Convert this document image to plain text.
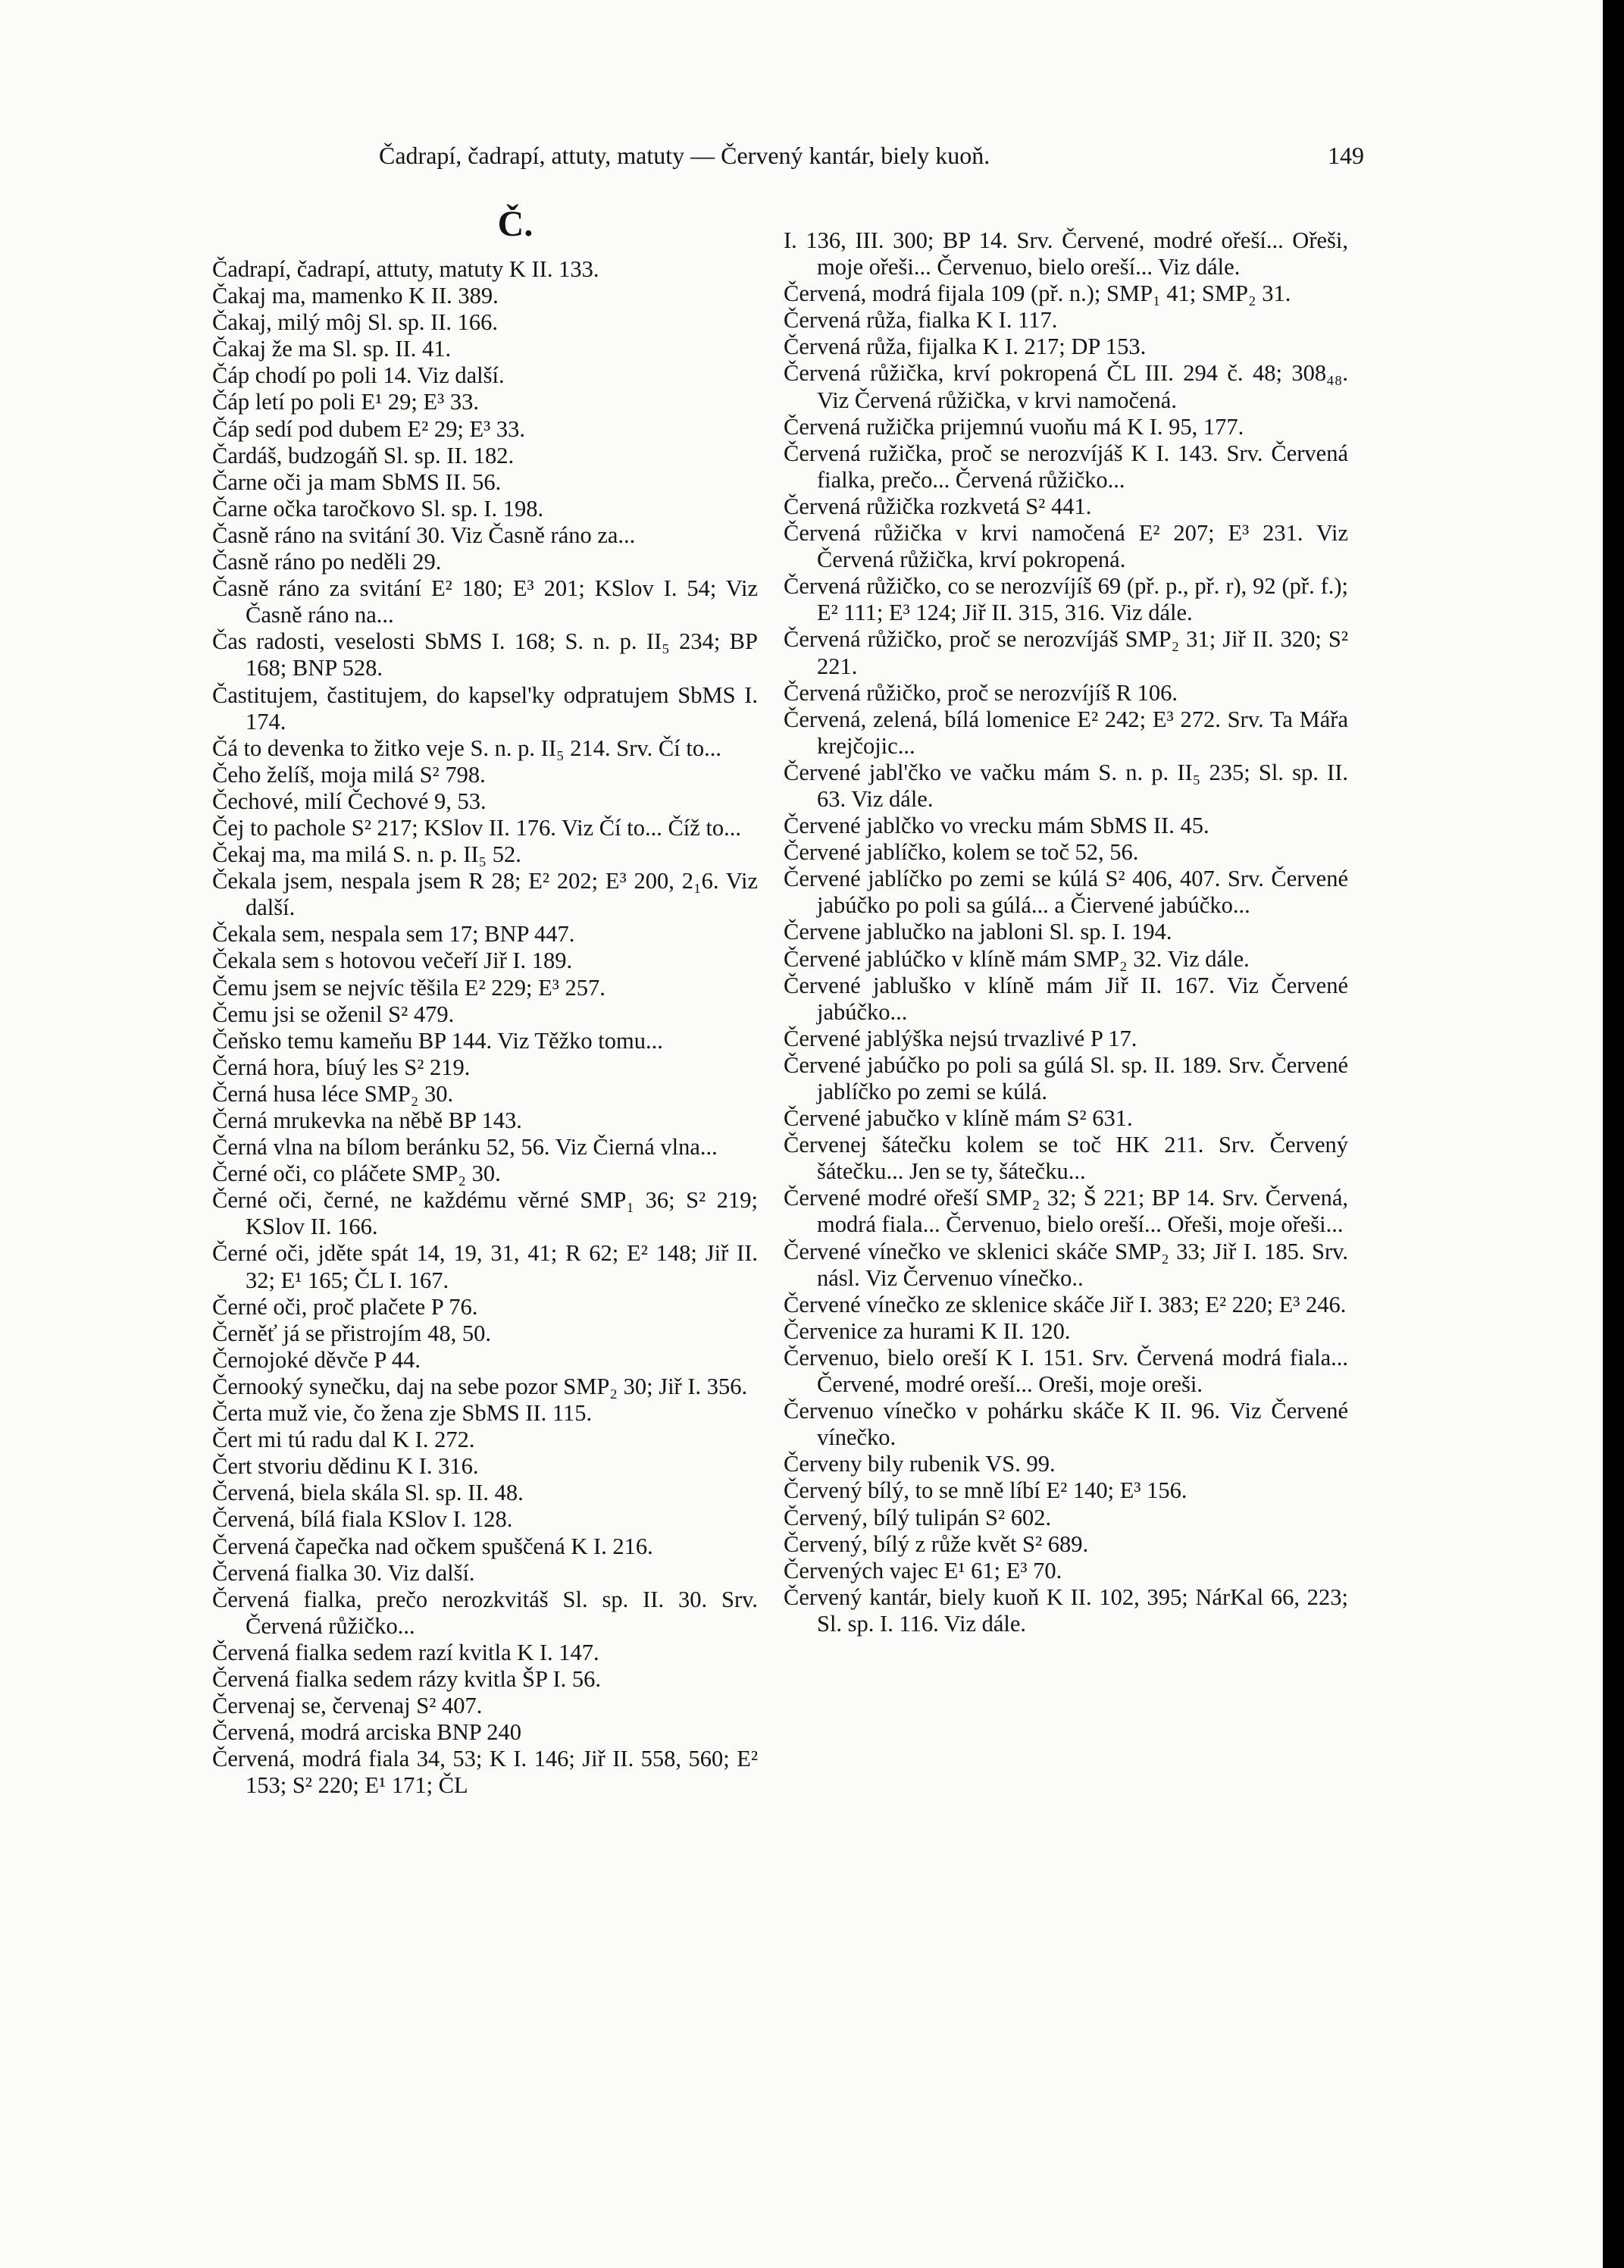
Čadrapí, čadrapí, attuty, matuty — Červený kantár, biely kuoň.	149
Č.

Čadrapí, čadrapí, attuty, matuty K II. 133.

Čakaj ma, mamenko K II. 389.

Čakaj, milý môj Sl. sp. II. 166.

Čakaj že ma Sl. sp. II. 41.

Čáp chodí po poli 14. Viz další.

Čáp letí po poli E¹ 29; E³ 33.

Čáp sedí pod dubem E² 29; E³ 33.

Čardáš, budzogáň Sl. sp. II. 182.

Čarne oči ja mam SbMS II. 56.

Čarne očka taročkovo Sl. sp. I. 198.

Časně ráno na svitání 30. Viz Časně ráno za...

Časně ráno po neděli 29.

Časně ráno za svitání E² 180; E³ 201; KSlov I. 54; Viz Časně ráno na...

Čas radosti, veselosti SbMS I. 168; S. n. p. II₅ 234; BP 168; BNP 528.

Častitujem, častitujem, do kapsel'ky odpratujem SbMS I. 174.

Čá to devenka to žitko veje S. n. p. II₅ 214. Srv. Čí to...

Čeho želíš, moja milá S² 798.

Čechové, milí Čechové 9, 53.

Čej to pachole S² 217; KSlov II. 176. Viz Čí to... Číž to...

Čekaj ma, ma milá S. n. p. II₅ 52.

Čekala jsem, nespala jsem R 28; E² 202; E³ 200, 2₁6. Viz další.

Čekala sem, nespala sem 17; BNP 447.

Čekala sem s hotovou večeří Jiř I. 189.

Čemu jsem se nejvíc těšila E² 229; E³ 257.

Čemu jsi se oženil S² 479.

Čeňsko temu kameňu BP 144. Viz Těžko tomu...

Černá hora, bíuý les S² 219.

Černá husa léce SMP₂ 30.

Černá mrukevka na něbě BP 143.

Černá vlna na bílom beránku 52, 56. Viz Čierná vlna...

Černé oči, co pláčete SMP₂ 30.

Černé oči, černé, ne každému věrné SMP₁ 36; S² 219; KSlov II. 166.

Černé oči, jděte spát 14, 19, 31, 41; R 62; E² 148; Jiř II. 32; E¹ 165; ČL I. 167.

Černé oči, proč plačete P 76.

Černěť já se přistrojím 48, 50.

Černojoké děvče P 44.

Černooký synečku, daj na sebe pozor SMP₂ 30; Jiř I. 356.

Čerta muž vie, čo žena zje SbMS II. 115.

Čert mi tú radu dal K I. 272.

Čert stvoriu dědinu K I. 316.

Červená, biela skála Sl. sp. II. 48.

Červená, bílá fiala KSlov I. 128.

Červená čapečka nad očkem spuščená K I. 216.

Červená fialka 30. Viz další.

Červená fialka, prečo nerozkvitáš Sl. sp. II. 30. Srv. Červená růžičko...

Červená fialka sedem razí kvitla K I. 147.

Červená fialka sedem rázy kvitla ŠP I. 56.

Červenaj se, červenaj S² 407.

Červená, modrá arciska BNP 240

Červená, modrá fiala 34, 53; K I. 146; Jiř II. 558, 560; E² 153; S² 220; E¹ 171; ČL

I. 136, III. 300; BP 14. Srv. Červené, modré ořeší... Ořeši, moje ořeši... Červenuo, bielo oreší... Viz dále.

Červená, modrá fijala 109 (př. n.); SMP₁ 41; SMP₂ 31.

Červená růža, fialka K I. 117.

Červená růža, fijalka K I. 217; DP 153.

Červená růžička, krví pokropená ČL III. 294 č. 48; 308₄₈. Viz Červená růžička, v krvi namočená.

Červená ružička prijemnú vuoňu má K I. 95, 177.

Červená ružička, proč se nerozvíjáš K I. 143. Srv. Červená fialka, prečo... Červená růžičko...

Červená růžička rozkvetá S² 441.

Červená růžička v krvi namočená E² 207; E³ 231. Viz Červená růžička, krví pokropená.

Červená růžičko, co se nerozvíjíš 69 (př. p., př. r), 92 (př. f.); E² 111; E³ 124; Jiř II. 315, 316. Viz dále.

Červená růžičko, proč se nerozvíjáš SMP₂ 31; Jiř II. 320; S² 221.

Červená růžičko, proč se nerozvíjíš R 106.

Červená, zelená, bílá lomenice E² 242; E³ 272. Srv. Ta Mářa krejčojic...

Červené jabl'čko ve vačku mám S. n. p. II₅ 235; Sl. sp. II. 63. Viz dále.

Červené jablčko vo vrecku mám SbMS II. 45.

Červené jablíčko, kolem se toč 52, 56.

Červené jablíčko po zemi se kúlá S² 406, 407. Srv. Červené jabúčko po poli sa gúlá... a Čiervené jabúčko...

Červene jablučko na jabloni Sl. sp. I. 194.

Červené jablúčko v klíně mám SMP₂ 32. Viz dále.

Červené jabluško v klíně mám Jiř II. 167. Viz Červené jabúčko...

Červené jablýška nejsú trvazlivé P 17.

Červené jabúčko po poli sa gúlá Sl. sp. II. 189. Srv. Červené jablíčko po zemi se kúlá.

Červené jabučko v klíně mám S² 631.

Červenej šátečku kolem se toč HK 211. Srv. Červený šátečku... Jen se ty, šátečku...

Červené modré ořeší SMP₂ 32; Š 221; BP 14. Srv. Červená, modrá fiala... Červenuo, bielo oreší... Ořeši, moje ořeši...

Červené vínečko ve sklenici skáče SMP₂ 33; Jiř I. 185. Srv. násl. Viz Červenuo vínečko..

Červené vínečko ze sklenice skáče Jiř I. 383; E² 220; E³ 246.

Červenice za hurami K II. 120.

Červenuo, bielo oreší K I. 151. Srv. Červená modrá fiala... Červené, modré oreší... Oreši, moje oreši.

Červenuo vínečko v pohárku skáče K II. 96. Viz Červené vínečko.

Červeny bily rubenik VS. 99.

Červený bílý, to se mně líbí E² 140; E³ 156.

Červený, bílý tulipán S² 602.

Červený, bílý z růže květ S² 689.

Červených vajec E¹ 61; E³ 70.

Červený kantár, biely kuoň K II. 102, 395; NárKal 66, 223; Sl. sp. I. 116. Viz dále.
